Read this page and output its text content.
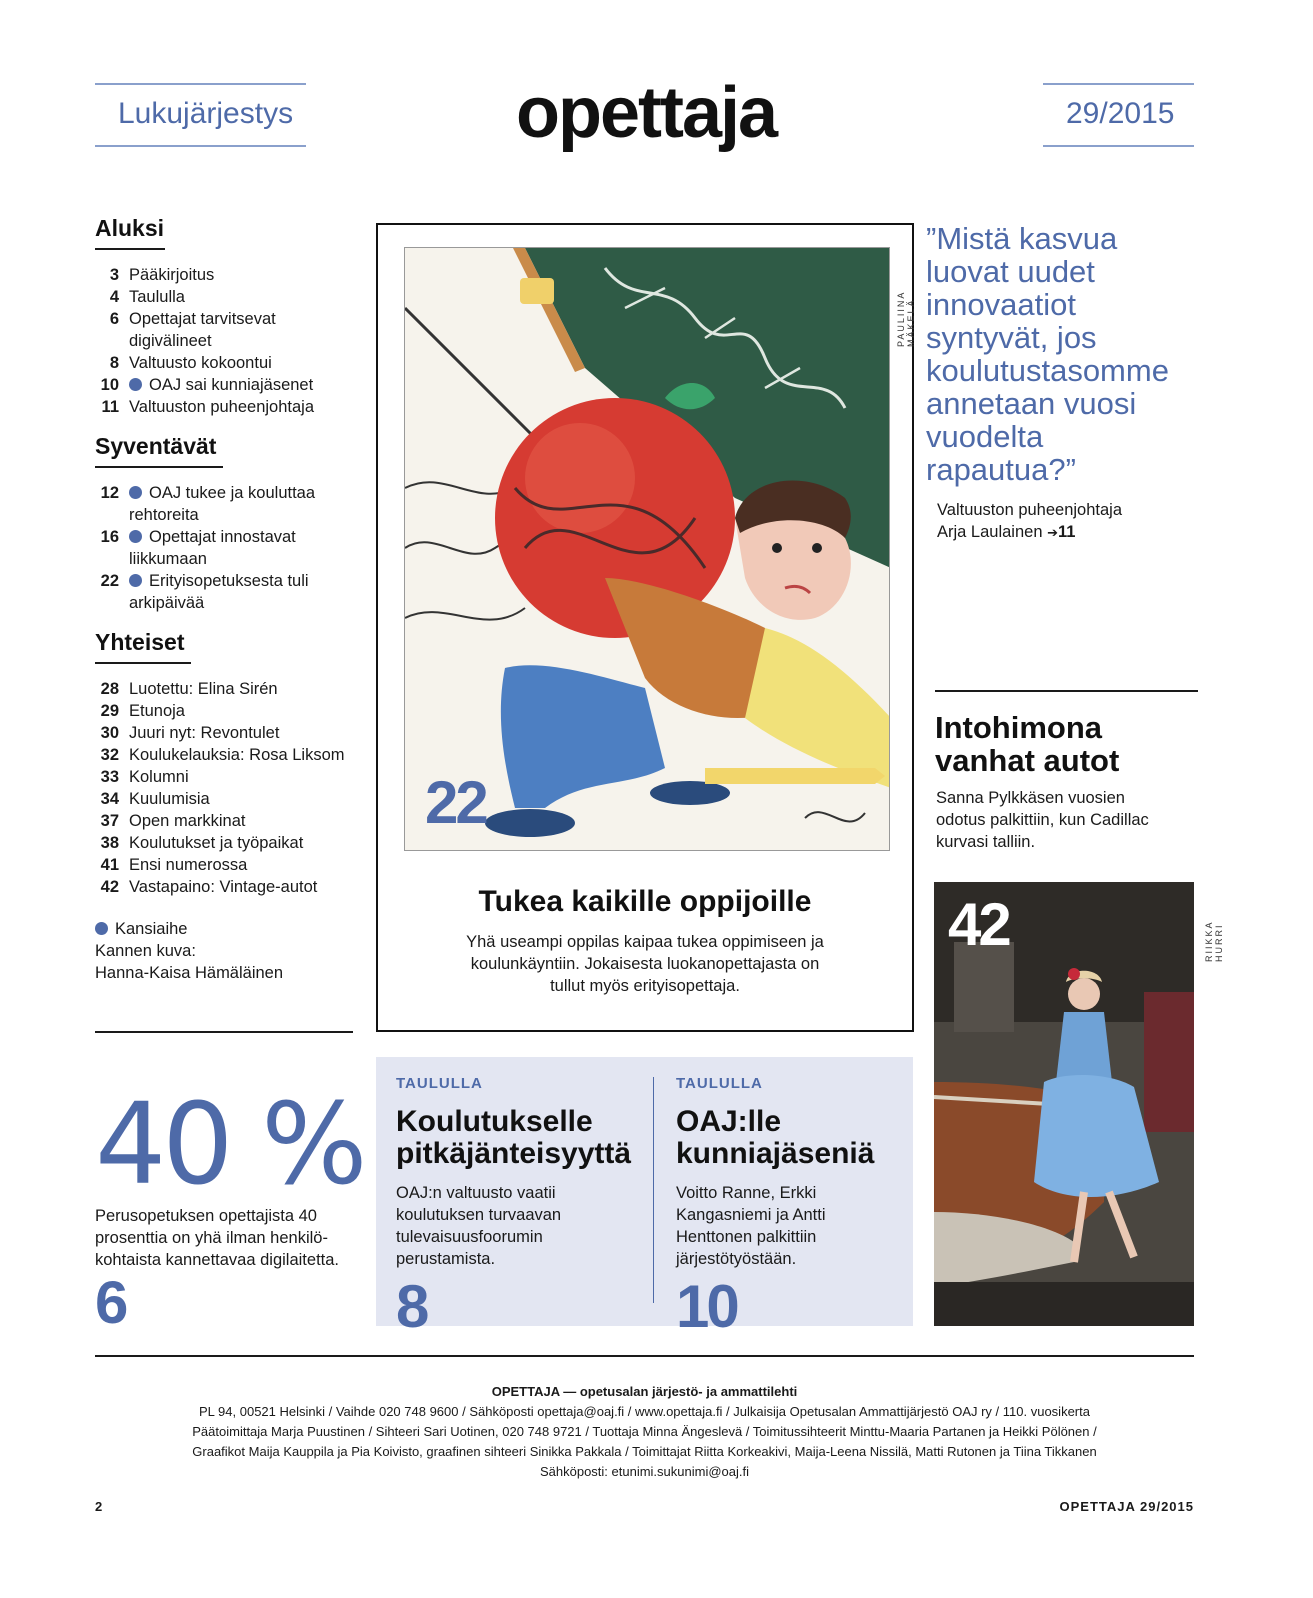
Lukujärjestys	opettaja	29/2015
Aluksi
3 Pääkirjoitus
4 Taululla
6 Opettajat tarvitsevat digivälineet
8 Valtuusto kokoontui
10	OAJ sai kunniajäsenet
11 Valtuuston puheenjohtaja
Syventävät
12	OAJ tukee ja kouluttaa rehtoreita
16	Opettajat innostavat liikkumaan
22	Erityisopetuksesta tuli arkipäivää
Yhteiset
28 Luotettu: Elina Sirén
29 Etunoja
30 Juuri nyt: Revontulet
32 Koulukelauksia: Rosa Liksom
33 Kolumni
34 Kuulumisia
37 Open markkinat
38 Koulutukset ja työpaikat
41 Ensi numerossa
42 Vastapaino: Vintage-autot
Kansiaihe
Kannen kuva:
Hanna-Kaisa Hämäläinen
40 %
Perusopetuksen opettajista 40 prosenttia on yhä ilman henkilökohtaista kannettavaa digilaitetta.
6
22
PAULIINA MÄKELÄ
Tukea kaikille oppijoille
Yhä useampi oppilas kaipaa tukea oppimiseen ja koulunkäyntiin. Jokaisesta luokanopettajasta on tullut myös erityisopettaja.
TAULULLA
Koulutukselle
pitkäjänteisyyttä
OAJ:n valtuusto vaatii koulutuksen turvaavan tulevaisuusfoorumin perustamista.
8
TAULULLA
OAJ:lle
kunniajäseniä
Voitto Ranne, Erkki Kangasniemi ja Antti Henttonen palkittiin järjestötyöstään.
10
”Mistä kasvua luovat uudet innovaatiot syntyvät, jos koulutustasomme annetaan vuosi vuodelta rapautua?”
Valtuuston puheenjohtaja
Arja Laulainen ➔11
Intohimona
vanhat autot
Sanna Pylkkäsen vuosien odotus palkittiin, kun Cadillac kurvasi talliin.
42	RIIKKA HURRI
OPETTAJA — opetusalan järjestö- ja ammattilehti
PL 94, 00521 Helsinki / Vaihde 020 748 9600 / Sähköposti opettaja@oaj.fi / www.opettaja.fi / Julkaisija Opetusalan Ammattijärjestö OAJ ry / 110. vuosikerta
Päätoimittaja Marja Puustinen / Sihteeri Sari Uotinen, 020 748 9721 / Tuottaja Minna Ängeslevä / Toimitussihteerit Minttu-Maaria Partanen ja Heikki Pölönen /
Graafikot Maija Kauppila ja Pia Koivisto, graafinen sihteeri Sinikka Pakkala / Toimittajat Riitta Korkeakivi, Maija-Leena Nissilä, Matti Rutonen ja Tiina Tikkanen
Sähköposti: etunimi.sukunimi@oaj.fi
2	OPETTAJA 29/2015
